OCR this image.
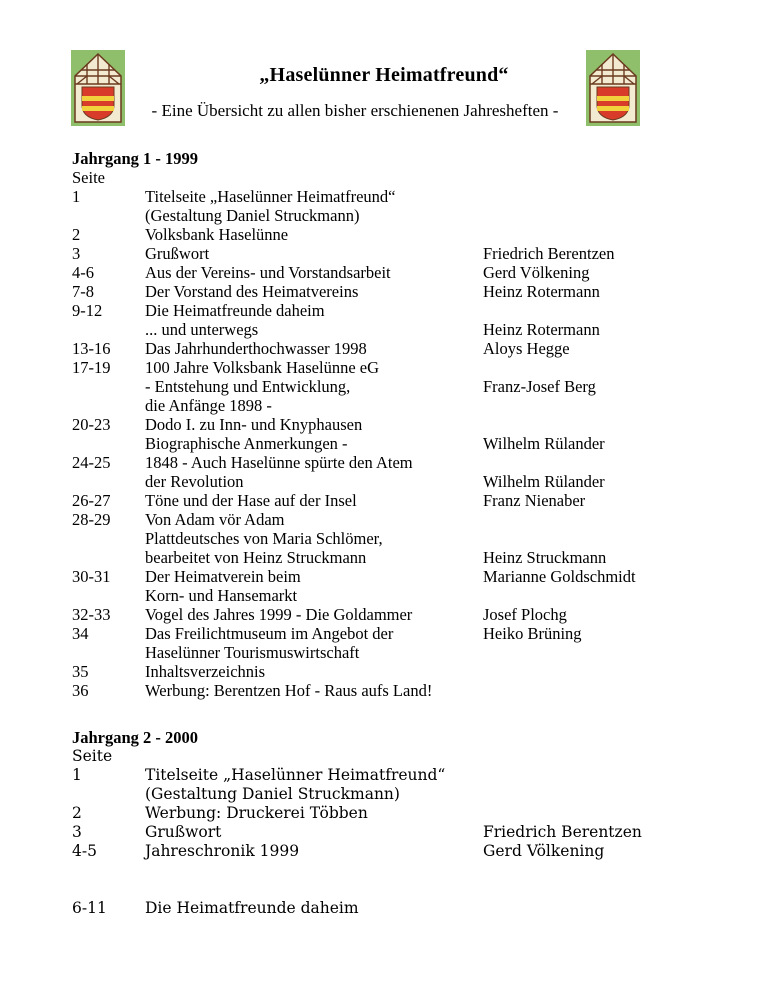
„Haselünner Heimatfreund“
- Eine Übersicht zu allen bisher erschienenen Jahresheften -
Jahrgang 1 - 1999
Seite
1	Titelseite „Haselünner Heimatfreund“
(Gestaltung Daniel Struckmann)
2	Volksbank Haselünne
3	Grußwort	Friedrich Berentzen
4-6	Aus der Vereins- und Vorstandsarbeit	Gerd Völkening
7-8	Der Vorstand des Heimatvereins	Heinz Rotermann
9-12	Die Heimatfreunde daheim
... und unterwegs	Heinz Rotermann
13-16 Das Jahrhunderthochwasser 1998	Aloys Hegge
17-19 100 Jahre Volksbank Haselünne eG
- Entstehung und Entwicklung,	Franz-Josef Berg
die Anfänge 1898 -
20-23 Dodo I. zu Inn- und Knyphausen
Biographische Anmerkungen -	Wilhelm Rülander
24-25 1848 - Auch Haselünne spürte den Atem
der Revolution	Wilhelm Rülander
26-27 Töne und der Hase auf der Insel	Franz Nienaber
28-29 Von Adam vör Adam
Plattdeutsches von Maria Schlömer,
bearbeitet von Heinz Struckmann	Heinz Struckmann
30-31 Der Heimatverein beim	Marianne Goldschmidt
Korn- und Hansemarkt
32-33 Vogel des Jahres 1999 - Die Goldammer	Josef Plochg
34	Das Freilichtmuseum im Angebot der	Heiko Brüning
Haselünner Tourismuswirtschaft
35	Inhaltsverzeichnis
36	Werbung: Berentzen Hof - Raus aufs Land!
Jahrgang 2 - 2000
Seite
1	Titelseite „Haselünner Heimatfreund“
(Gestaltung Daniel Struckmann)
2	Werbung: Druckerei Többen
3	Grußwort	Friedrich Berentzen
4-5	Jahreschronik 1999	Gerd Völkening
6-11 Die Heimatfreunde daheim
